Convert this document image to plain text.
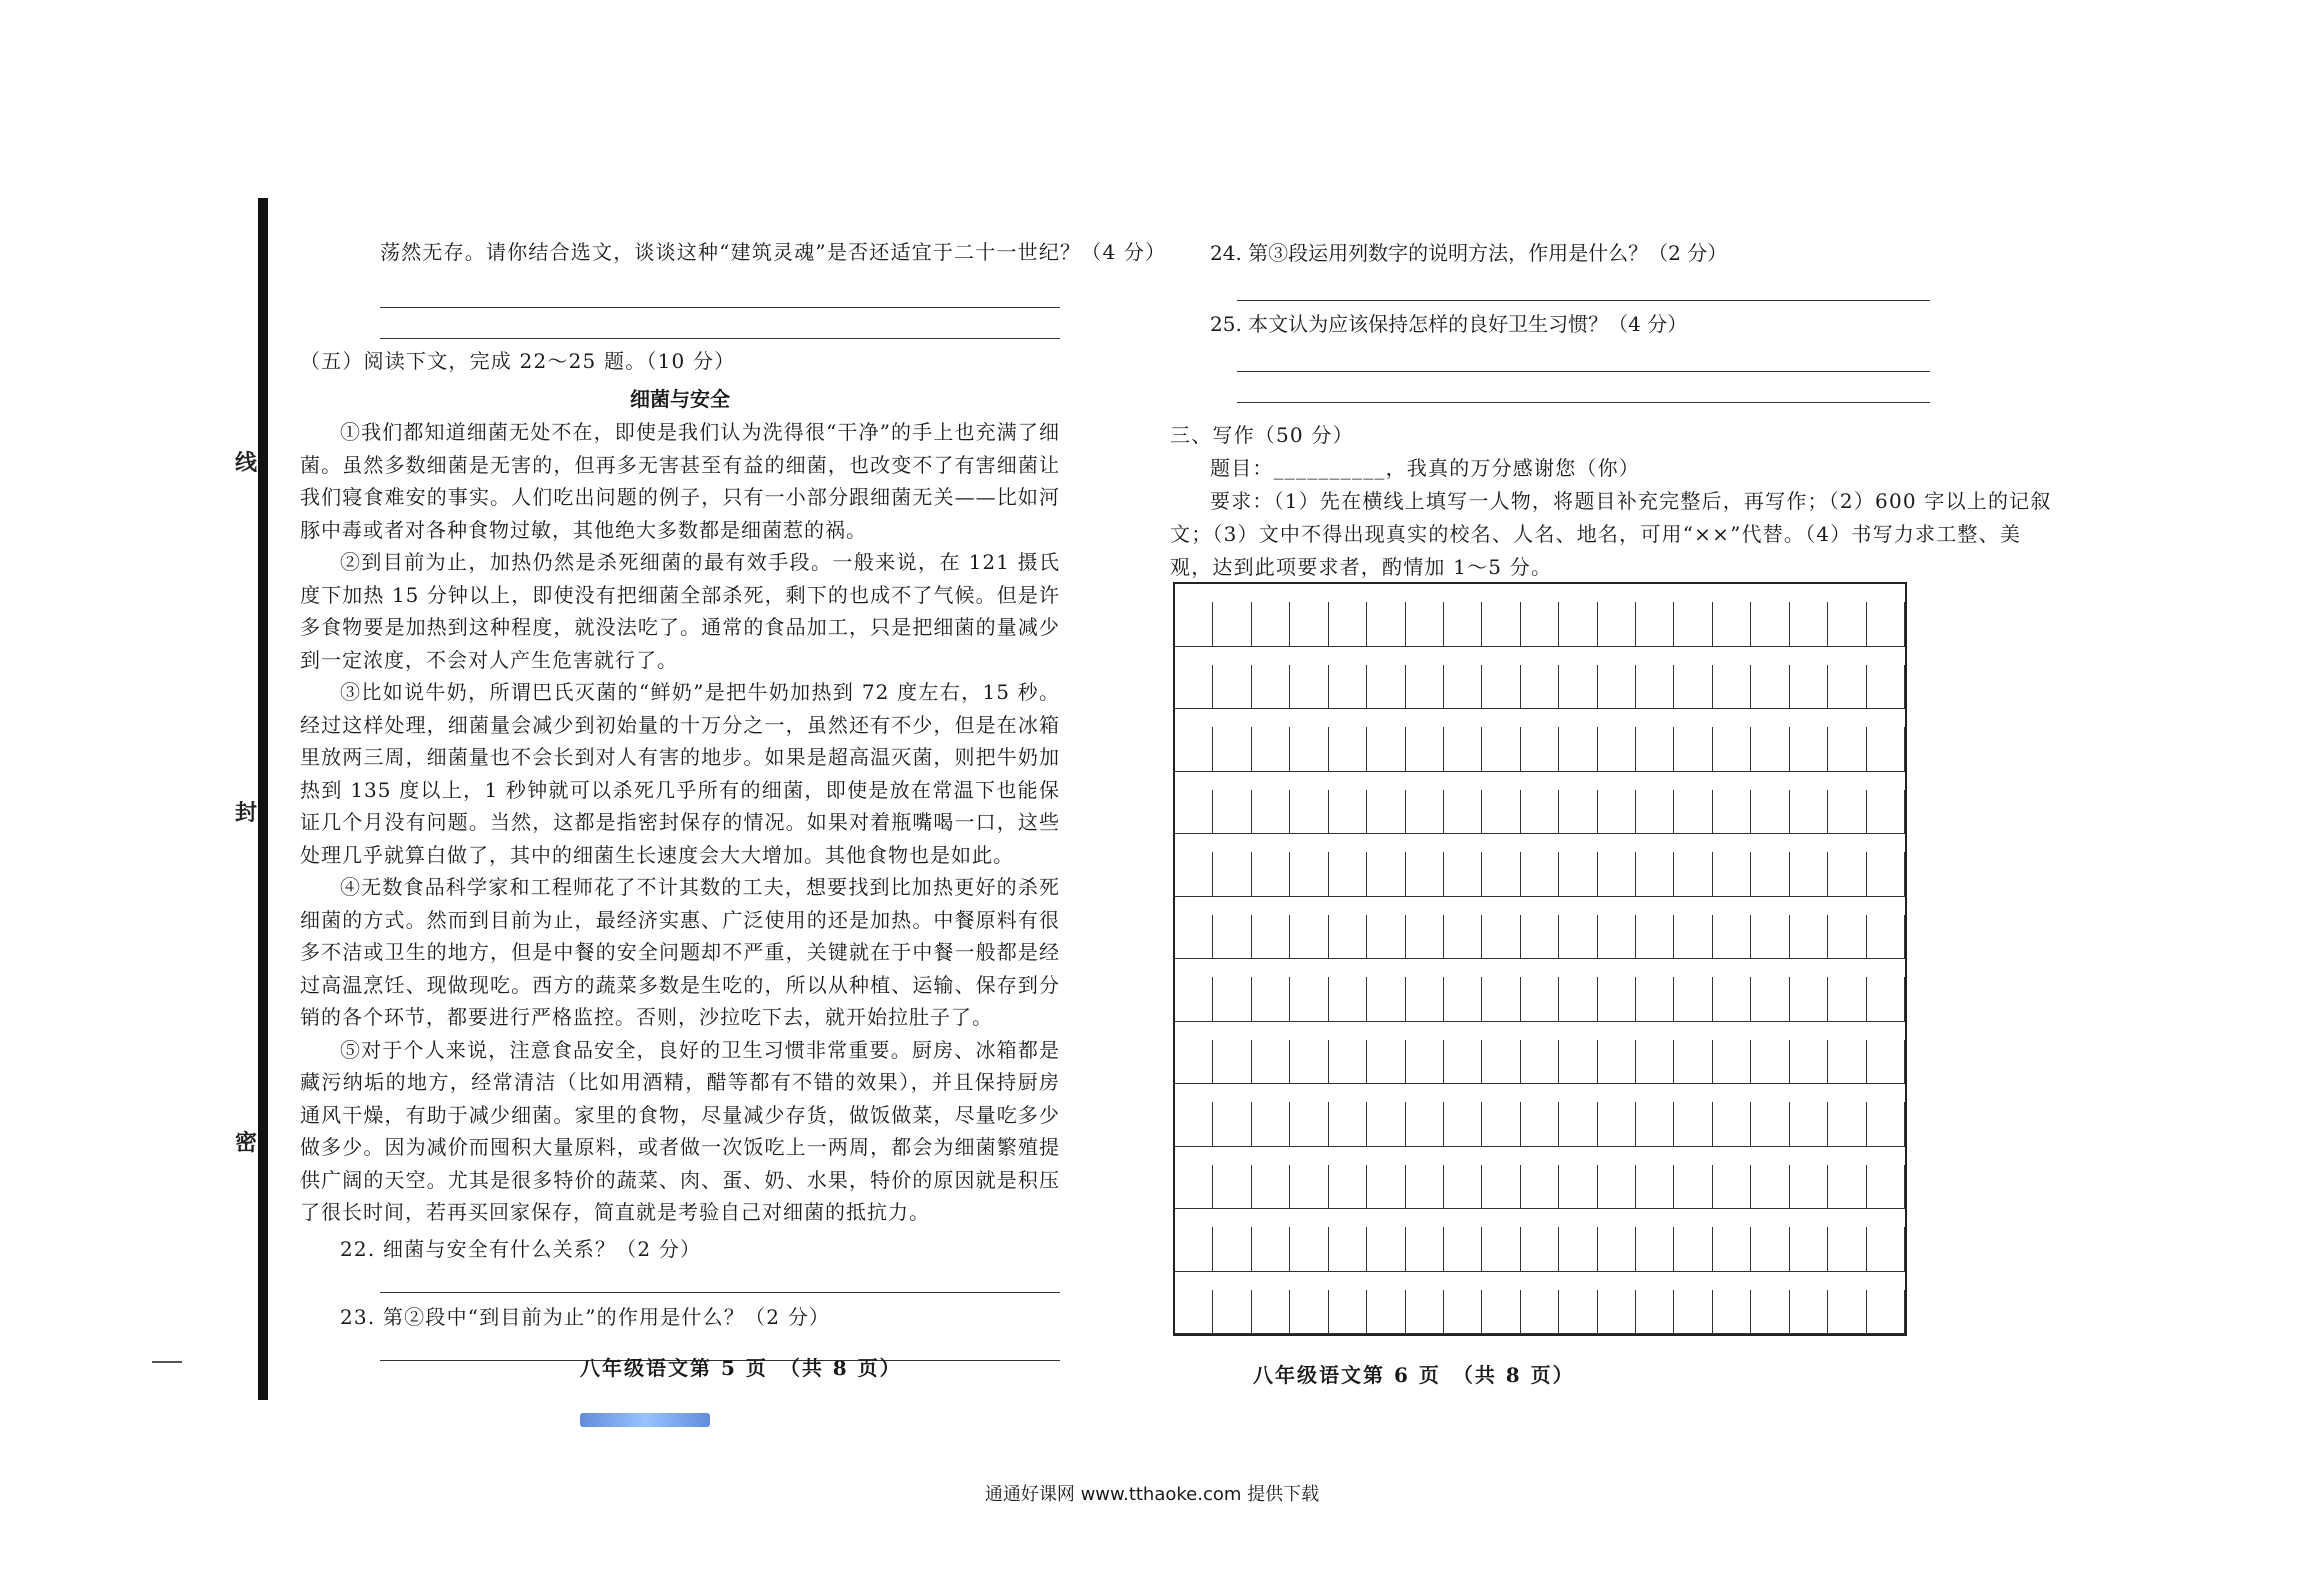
线
封
密
荡然无存。请你结合选文，谈谈这种“建筑灵魂”是否还适宜于二十一世纪？（4 分）
（五）阅读下文，完成 22～25 题。（10 分）
细菌与安全
①我们都知道细菌无处不在，即使是我们认为洗得很“干净”的手上也充满了细菌。虽然多数细菌是无害的，但再多无害甚至有益的细菌，也改变不了有害细菌让我们寝食难安的事实。人们吃出问题的例子，只有一小部分跟细菌无关——比如河豚中毒或者对各种食物过敏，其他绝大多数都是细菌惹的祸。
②到目前为止，加热仍然是杀死细菌的最有效手段。一般来说，在 121 摄氏度下加热 15 分钟以上，即使没有把细菌全部杀死，剩下的也成不了气候。但是许多食物要是加热到这种程度，就没法吃了。通常的食品加工，只是把细菌的量减少到一定浓度，不会对人产生危害就行了。
③比如说牛奶，所谓巴氏灭菌的“鲜奶”是把牛奶加热到 72 度左右，15 秒。经过这样处理，细菌量会减少到初始量的十万分之一，虽然还有不少，但是在冰箱里放两三周，细菌量也不会长到对人有害的地步。如果是超高温灭菌，则把牛奶加热到 135 度以上，1 秒钟就可以杀死几乎所有的细菌，即使是放在常温下也能保证几个月没有问题。当然，这都是指密封保存的情况。如果对着瓶嘴喝一口，这些处理几乎就算白做了，其中的细菌生长速度会大大增加。其他食物也是如此。
④无数食品科学家和工程师花了不计其数的工夫，想要找到比加热更好的杀死细菌的方式。然而到目前为止，最经济实惠、广泛使用的还是加热。中餐原料有很多不洁或卫生的地方，但是中餐的安全问题却不严重，关键就在于中餐一般都是经过高温烹饪、现做现吃。西方的蔬菜多数是生吃的，所以从种植、运输、保存到分销的各个环节，都要进行严格监控。否则，沙拉吃下去，就开始拉肚子了。
⑤对于个人来说，注意食品安全，良好的卫生习惯非常重要。厨房、冰箱都是藏污纳垢的地方，经常清洁（比如用酒精，醋等都有不错的效果），并且保持厨房通风干燥，有助于减少细菌。家里的食物，尽量减少存货，做饭做菜，尽量吃多少做多少。因为减价而囤积大量原料，或者做一次饭吃上一两周，都会为细菌繁殖提供广阔的天空。尤其是很多特价的蔬菜、肉、蛋、奶、水果，特价的原因就是积压了很长时间，若再买回家保存，简直就是考验自己对细菌的抵抗力。
22. 细菌与安全有什么关系？（2 分）
23. 第②段中“到目前为止”的作用是什么？（2 分）
八年级语文第 5 页　（共 8 页）
24. 第③段运用列数字的说明方法，作用是什么？（2 分）
25. 本文认为应该保持怎样的良好卫生习惯？（4 分）
三、写作（50 分）
题目：__________，我真的万分感谢您（你）
要求：（1）先在横线上填写一人物，将题目补充完整后，再写作；（2）600 字以上的记叙
文；（3）文中不得出现真实的校名、人名、地名，可用“××”代替。（4）书写力求工整、美
观，达到此项要求者，酌情加 1～5 分。
八年级语文第 6 页　（共 8 页）
通通好课网 www.tthaoke.com 提供下载
